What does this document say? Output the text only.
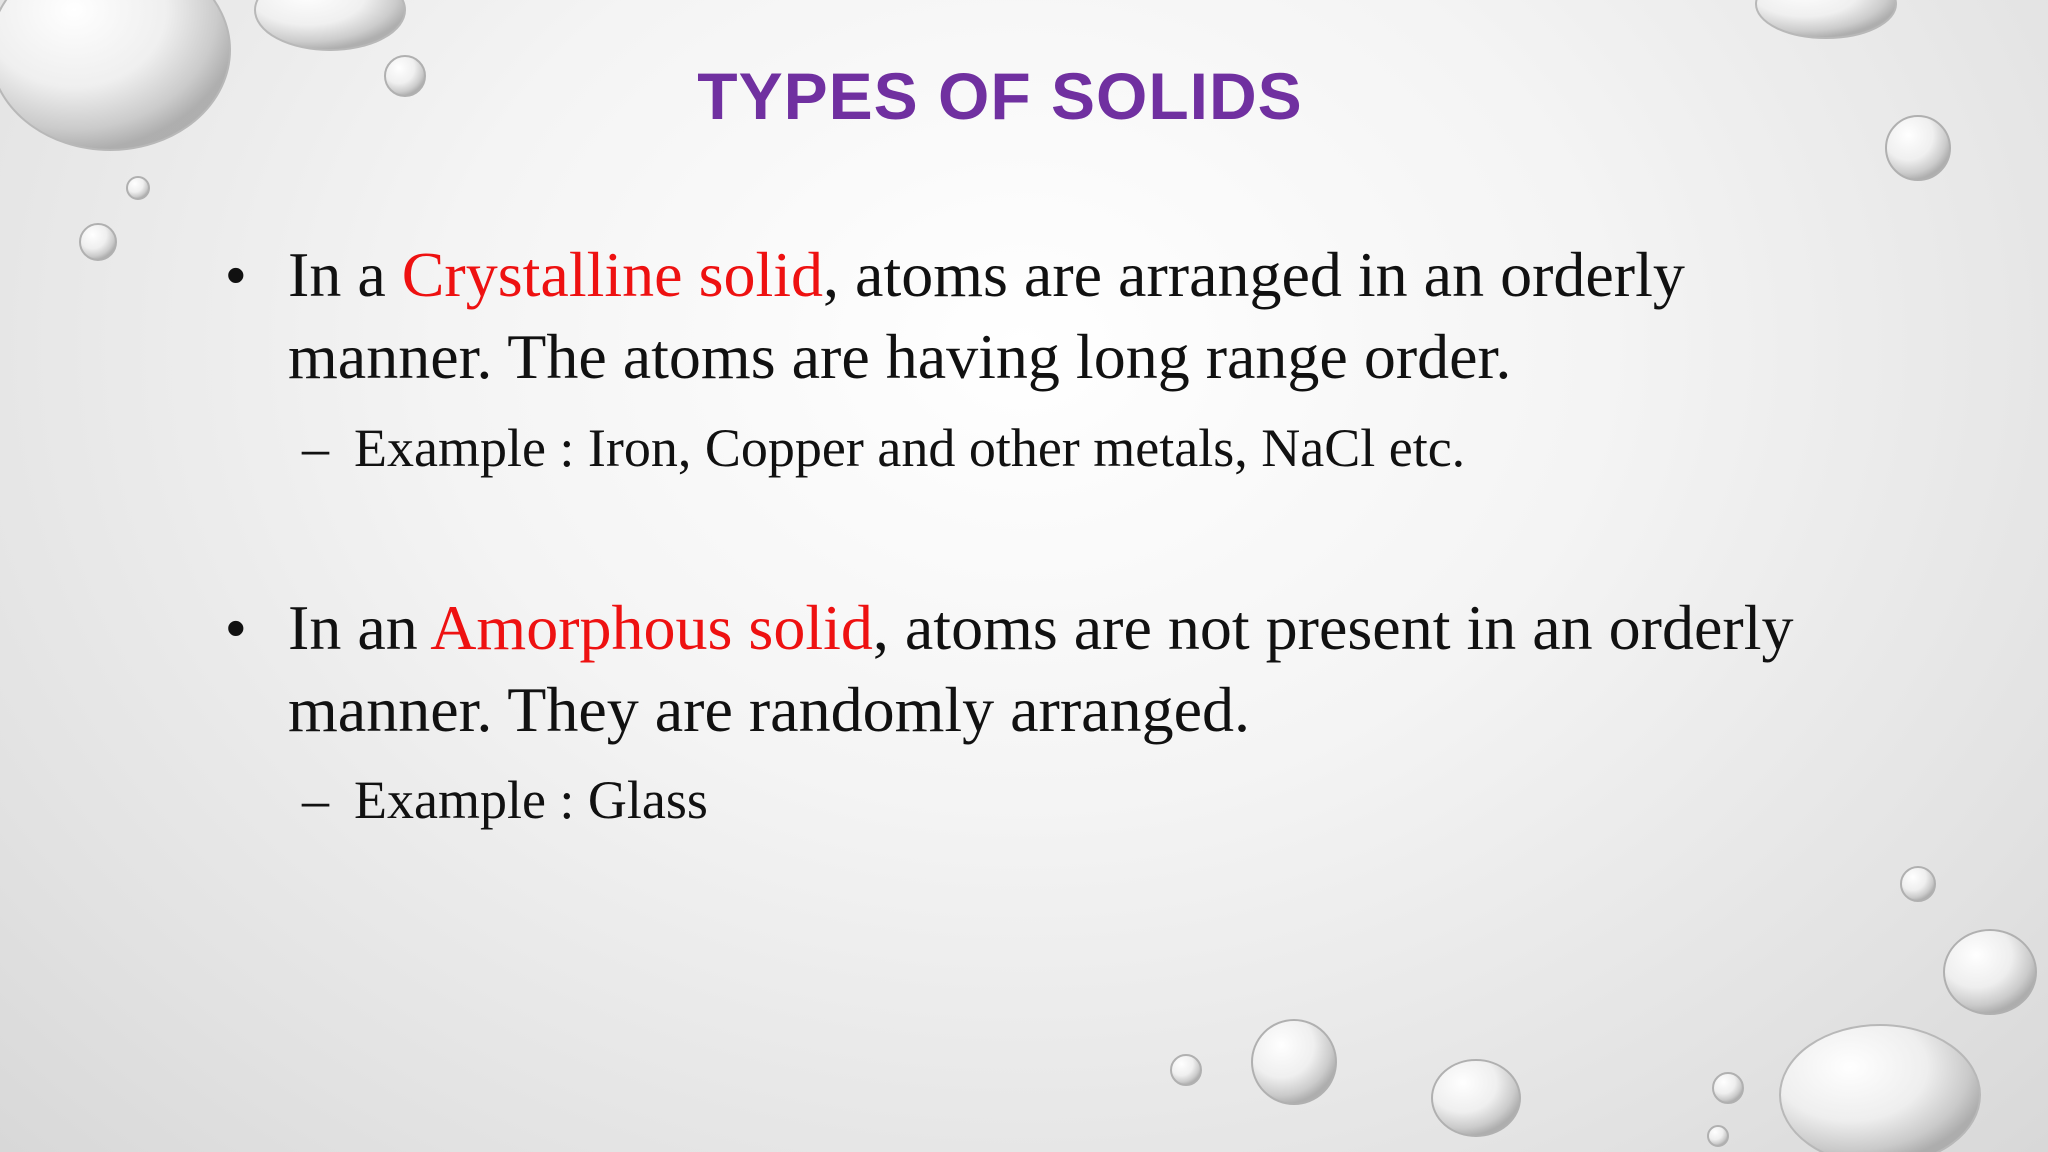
TYPES OF SOLIDS
• In a Crystalline solid, atoms are arranged in an orderly manner. The atoms are having long range order.
– Example : Iron, Copper and other metals, NaCl etc.
• In an Amorphous solid, atoms are not present in an orderly manner. They are randomly arranged.
– Example : Glass
